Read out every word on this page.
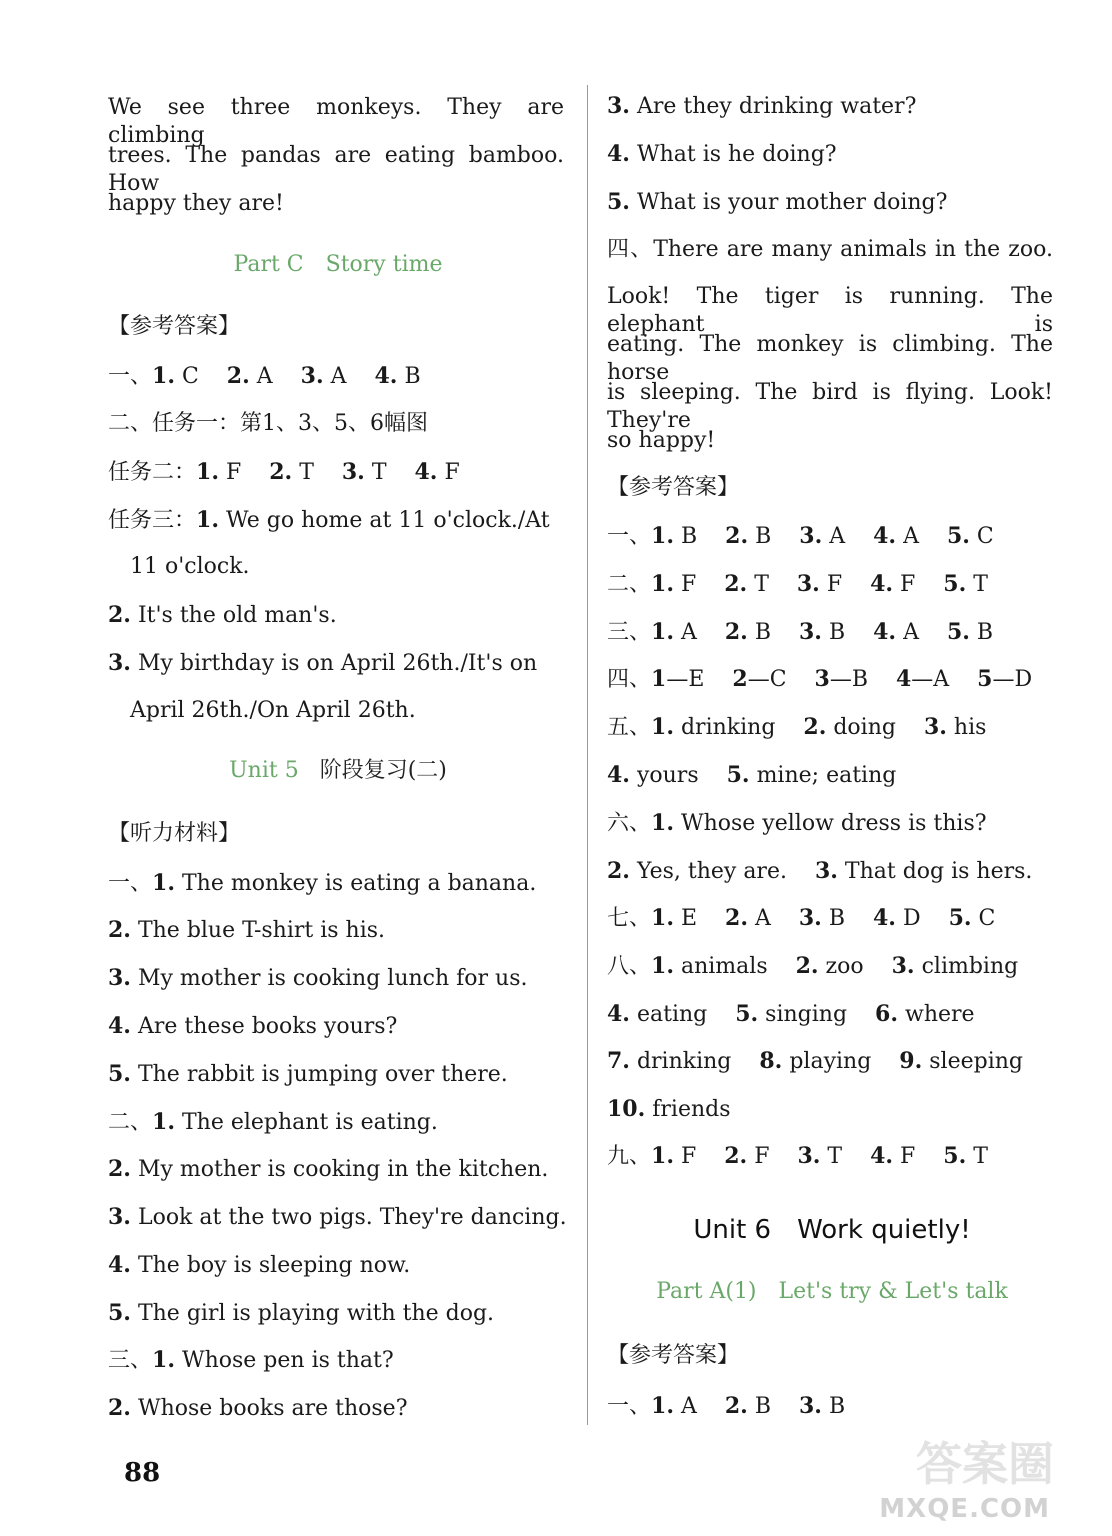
We see three monkeys. They are climbing
trees. The pandas are eating bamboo. How
happy they are!
Part C　Story time
【参考答案】
一、1. C 2. A 3. A 4. B
二、任务一：第1、3、5、6幅图
任务二：1. F 2. T 3. T 4. F
任务三：1. We go home at 11 o'clock./At
11 o'clock.
2. It's the old man's.
3. My birthday is on April 26th./It's on
April 26th./On April 26th.
Unit 5 阶段复习(二)
【听力材料】
一、1. The monkey is eating a banana.
2. The blue T-shirt is his.
3. My mother is cooking lunch for us.
4. Are these books yours?
5. The rabbit is jumping over there.
二、1. The elephant is eating.
2. My mother is cooking in the kitchen.
3. Look at the two pigs. They're dancing.
4. The boy is sleeping now.
5. The girl is playing with the dog.
三、1. Whose pen is that?
2. Whose books are those?
3. Are they drinking water?
4. What is he doing?
5. What is your mother doing?
四、There are many animals in the zoo.
Look! The tiger is running. The elephant is
eating. The monkey is climbing. The horse
is sleeping. The bird is flying. Look! They're
so happy!
【参考答案】
一、1. B 2. B 3. A 4. A 5. C
二、1. F 2. T 3. F 4. F 5. T
三、1. A 2. B 3. B 4. A 5. B
四、1—E 2—C 3—B 4—A 5—D
五、1. drinking 2. doing 3. his
4. yours 5. mine; eating
六、1. Whose yellow dress is this?
2. Yes, they are. 3. That dog is hers.
七、1. E 2. A 3. B 4. D 5. C
八、1. animals 2. zoo 3. climbing
4. eating 5. singing 6. where
7. drinking 8. playing 9. sleeping
10. friends
九、1. F 2. F 3. T 4. F 5. T
Unit 6　Work quietly!
Part A(1)　Let's try & Let's talk
【参考答案】
一、1. A 2. B 3. B
88	答案圈
MXQE.COM
